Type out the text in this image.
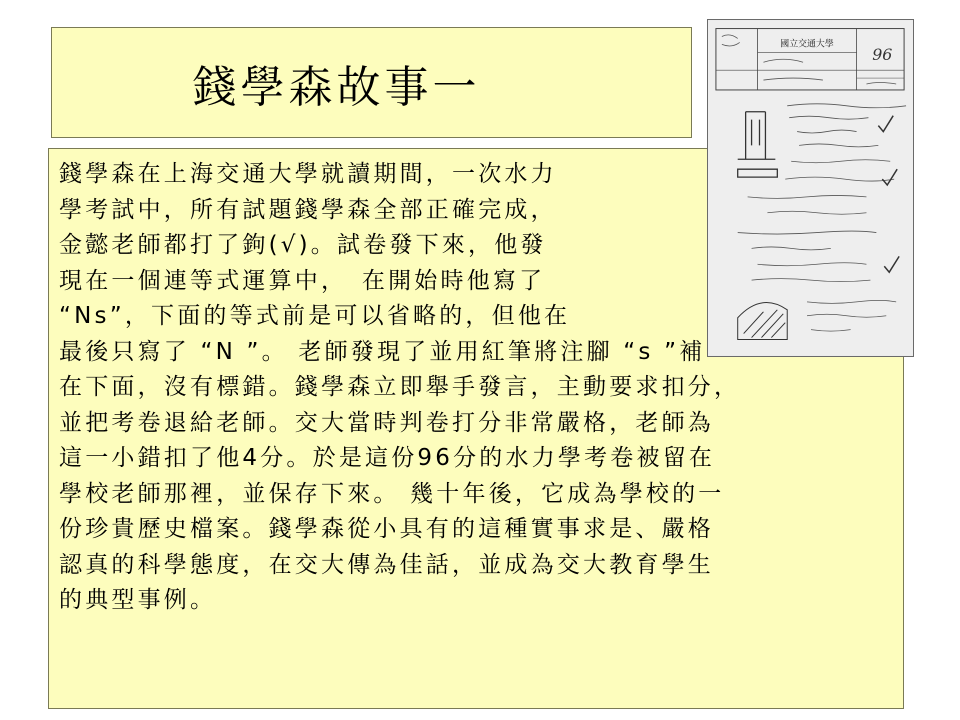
錢學森故事一
錢學森在上海交通大學就讀期間，一次水力
學考試中，所有試題錢學森全部正確完成，
金懿老師都打了鉤(√)。試卷發下來，他發
現在一個連等式運算中，　在開始時他寫了
“Ns”，下面的等式前是可以省略的，但他在
最後只寫了 “N ”。 老師發現了並用紅筆將注腳 “s ”補
在下面，沒有標錯。錢學森立即舉手發言，主動要求扣分，
並把考卷退給老師。交大當時判卷打分非常嚴格，老師為
這一小錯扣了他4分。於是這份96分的水力學考卷被留在
學校老師那裡，並保存下來。 幾十年後，它成為學校的一
份珍貴歷史檔案。錢學森從小具有的這種實事求是、嚴格
認真的科學態度，在交大傳為佳話，並成為交大教育學生
的典型事例。
國立交通大學
96
